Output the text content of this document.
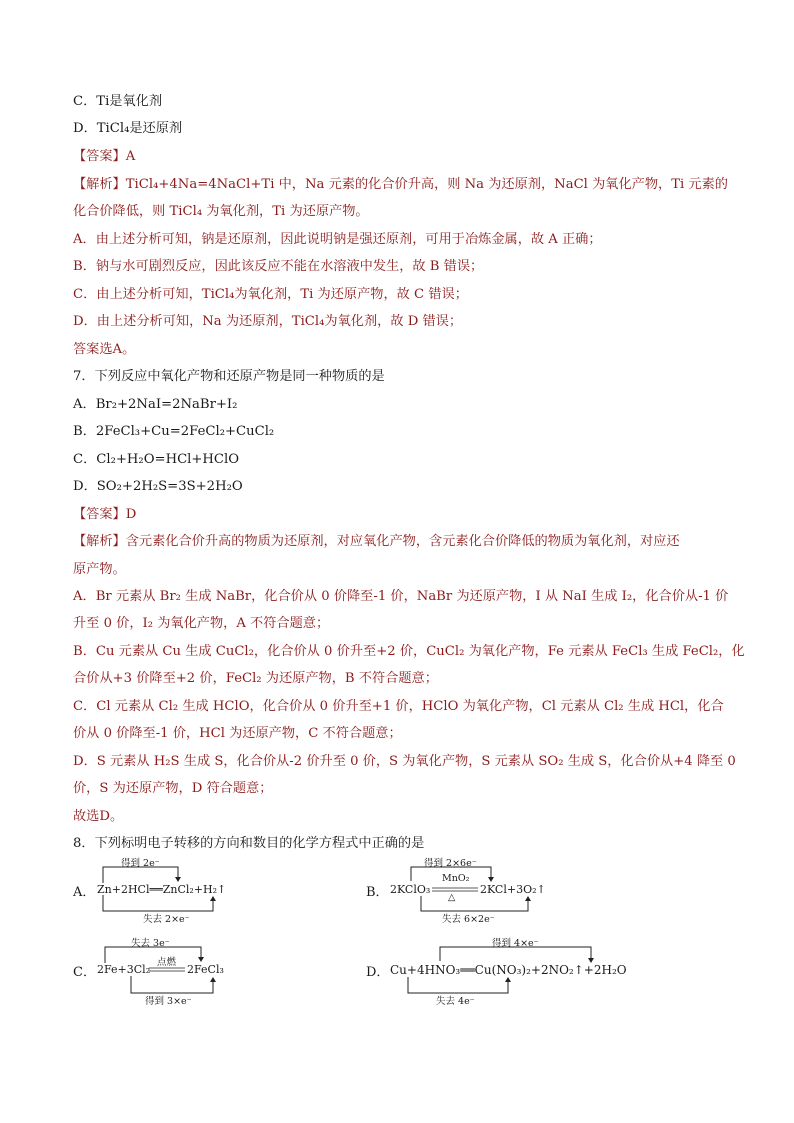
C．Ti是氧化剂
D．TiCl₄是还原剂
【答案】A
【解析】TiCl₄+4Na=4NaCl+Ti 中，Na 元素的化合价升高，则 Na 为还原剂，NaCl 为氧化产物，Ti 元素的
化合价降低，则 TiCl₄ 为氧化剂，Ti 为还原产物。
A．由上述分析可知，钠是还原剂，因此说明钠是强还原剂，可用于冶炼金属，故 A 正确；
B．钠与水可剧烈反应，因此该反应不能在水溶液中发生，故 B 错误；
C．由上述分析可知，TiCl₄为氧化剂，Ti 为还原产物，故 C 错误；
D．由上述分析可知，Na 为还原剂，TiCl₄为氧化剂，故 D 错误；
答案选A。
7．下列反应中氧化产物和还原产物是同一种物质的是
A．Br₂+2NaI=2NaBr+I₂
B．2FeCl₃+Cu=2FeCl₂+CuCl₂
C．Cl₂+H₂O=HCl+HClO
D．SO₂+2H₂S=3S+2H₂O
【答案】D
【解析】含元素化合价升高的物质为还原剂，对应氧化产物，含元素化合价降低的物质为氧化剂，对应还
原产物。
A．Br 元素从 Br₂ 生成 NaBr，化合价从 0 价降至-1 价，NaBr 为还原产物，I 从 NaI 生成 I₂，化合价从-1 价
升至 0 价，I₂ 为氧化产物，A 不符合题意；
B．Cu 元素从 Cu 生成 CuCl₂，化合价从 0 价升至+2 价，CuCl₂ 为氧化产物，Fe 元素从 FeCl₃ 生成 FeCl₂，化
合价从+3 价降至+2 价，FeCl₂ 为还原产物，B 不符合题意；
C．Cl 元素从 Cl₂ 生成 HClO，化合价从 0 价升至+1 价，HClO 为氧化产物，Cl 元素从 Cl₂ 生成 HCl，化合
价从 0 价降至-1 价，HCl 为还原产物，C 不符合题意；
D．S 元素从 H₂S 生成 S，化合价从-2 价升至 0 价，S 为氧化产物，S 元素从 SO₂ 生成 S，化合价从+4 降至 0
价，S 为还原产物，D 符合题意；
故选D。
8．下列标明电子转移的方向和数目的化学方程式中正确的是
得到 2e⁻
A． Zn+2HCl══ZnCl₂+H₂↑
失去 2×e⁻
得到 2×6e⁻
B． 2KClO₃
MnO₂
△
2KCl+3O₂↑
失去 6×2e⁻
失去 3e⁻
C． 2Fe+3Cl₂
点燃
2FeCl₃
得到 3×e⁻
得到 4×e⁻
D． Cu+4HNO₃══Cu(NO₃)₂+2NO₂↑+2H₂O
失去 4e⁻
